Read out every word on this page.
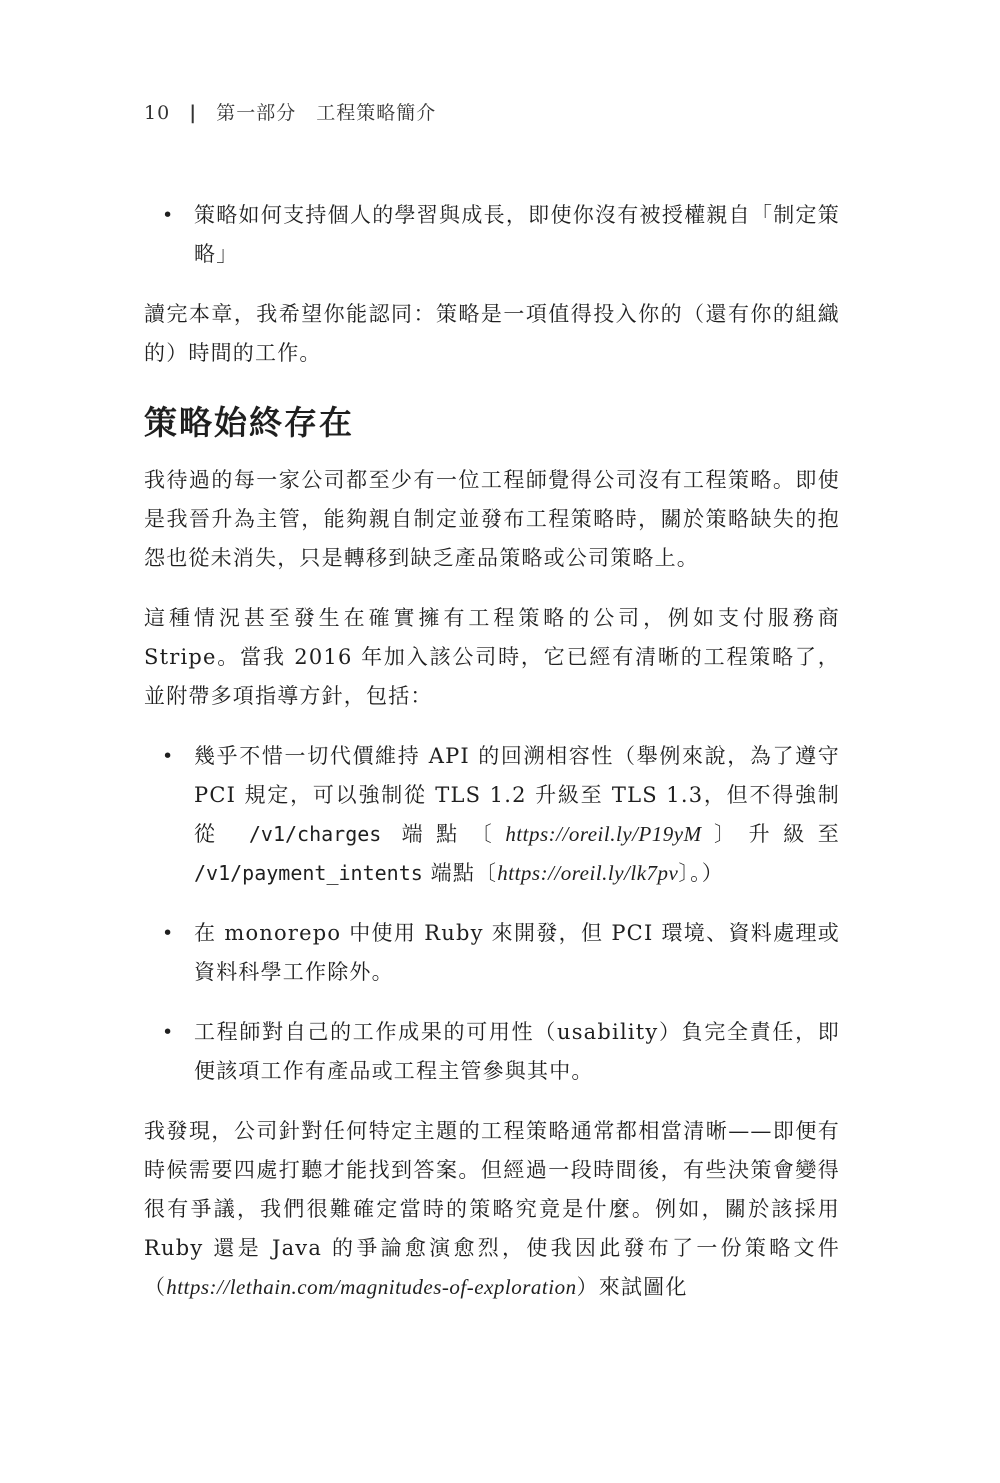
10 | 第一部分　工程策略簡介
• 策略如何支持個人的學習與成長，即使你沒有被授權親自「制定策略」

讀完本章，我希望你能認同：策略是一項值得投入你的（還有你的組織的）時間的工作。

策略始終存在

我待過的每一家公司都至少有一位工程師覺得公司沒有工程策略。即使是我晉升為主管，能夠親自制定並發布工程策略時，關於策略缺失的抱怨也從未消失，只是轉移到缺乏產品策略或公司策略上。

這種情況甚至發生在確實擁有工程策略的公司，例如支付服務商Stripe。當我 2016 年加入該公司時，它已經有清晰的工程策略了，並附帶多項指導方針，包括：

• 幾乎不惜一切代價維持 API 的回溯相容性（舉例來說，為了遵守 PCI 規定，可以強制從 TLS 1.2 升級至 TLS 1.3，但不得強制從 /v1/charges 端點〔https://oreil.ly/P19yM〕升級至 /v1/payment_intents 端點〔https://oreil.ly/lk7pv〕。）
• 在 monorepo 中使用 Ruby 來開發，但 PCI 環境、資料處理或資料科學工作除外。
• 工程師對自己的工作成果的可用性（usability）負完全責任，即便該項工作有產品或工程主管參與其中。

我發現，公司針對任何特定主題的工程策略通常都相當清晰——即便有時候需要四處打聽才能找到答案。但經過一段時間後，有些決策會變得很有爭議，我們很難確定當時的策略究竟是什麼。例如，關於該採用 Ruby 還是 Java 的爭論愈演愈烈，使我因此發布了一份策略文件（https://lethain.com/magnitudes-of-exploration）來試圖化
